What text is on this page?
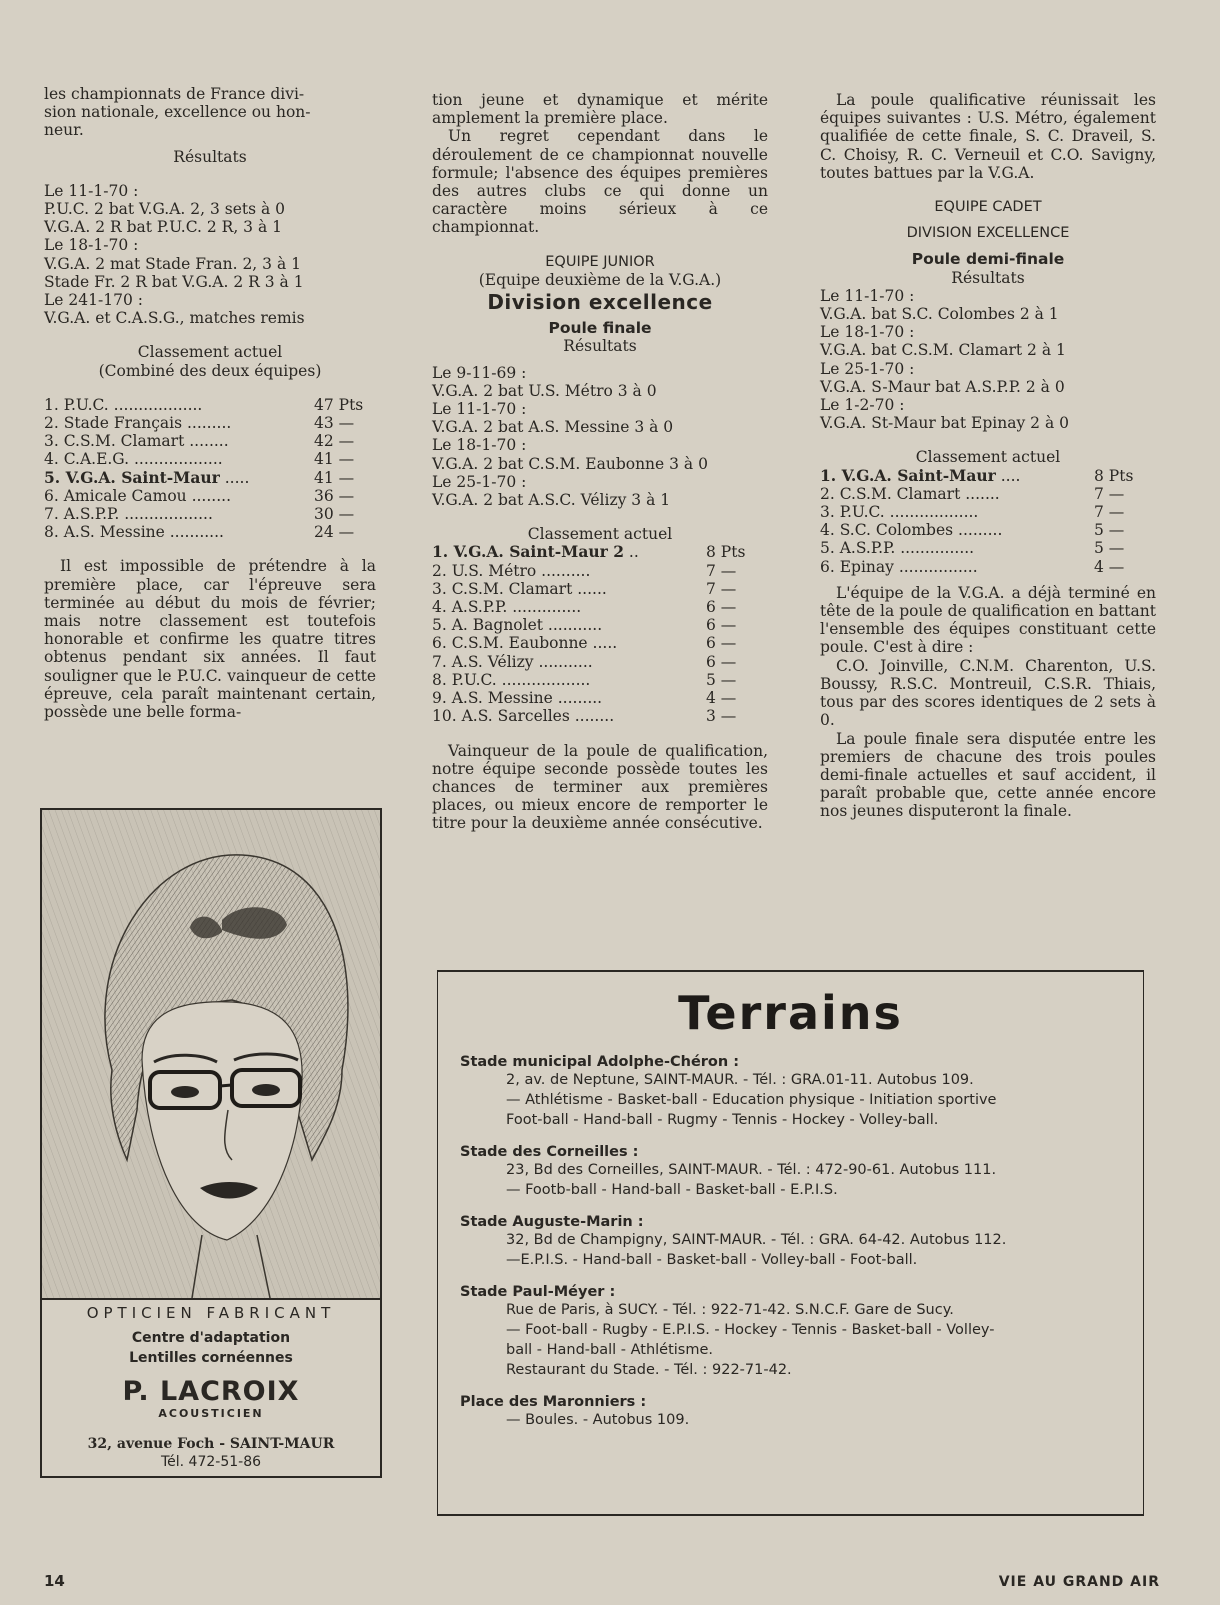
les championnats de France divi-
sion nationale, excellence ou hon-
neur.
Résultats
Le 11-1-70 :
P.U.C. 2 bat V.G.A. 2, 3 sets à 0
V.G.A. 2 R bat P.U.C. 2 R, 3 à 1
Le 18-1-70 :
V.G.A. 2 mat Stade Fran. 2, 3 à 1
Stade Fr. 2 R bat V.G.A. 2 R 3 à 1
Le 241-170 :
V.G.A. et C.A.S.G., matches remis
Classement actuel
(Combiné des deux équipes)
1. P.U.C. ..................	47 Pts
2. Stade Français .........	43 —
3. C.S.M. Clamart ........	42 —
4. C.A.E.G. ..................	41 —
5. V.G.A. Saint-Maur .....	41 —
6. Amicale Camou ........	36 —
7. A.S.P.P. ..................	30 —
8. A.S. Messine ...........	24 —
Il est impossible de prétendre à la première place, car l'épreuve sera terminée au début du mois de février; mais notre classement est toutefois honorable et confirme les quatre titres obtenus pendant six années. Il faut souligner que le P.U.C. vainqueur de cette épreuve, cela paraît maintenant certain, possède une belle forma-
tion jeune et dynamique et mérite amplement la première place.
Un regret cependant dans le déroulement de ce championnat nouvelle formule; l'absence des équipes premières des autres clubs ce qui donne un caractère moins sérieux à ce championnat.
EQUIPE JUNIOR
(Equipe deuxième de la V.G.A.)
Division excellence
Poule finale
Résultats
Le 9-11-69 :
V.G.A. 2 bat U.S. Métro 3 à 0
Le 11-1-70 :
V.G.A. 2 bat A.S. Messine 3 à 0
Le 18-1-70 :
V.G.A. 2 bat C.S.M. Eaubonne 3 à 0
Le 25-1-70 :
V.G.A. 2 bat A.S.C. Vélizy 3 à 1
Classement actuel
1. V.G.A. Saint-Maur 2 ..	8 Pts
2. U.S. Métro ..........	7 —
3. C.S.M. Clamart ......	7 —
4. A.S.P.P. ..............	6 —
5. A. Bagnolet ...........	6 —
6. C.S.M. Eaubonne .....	6 —
7. A.S. Vélizy ...........	6 —
8. P.U.C. ..................	5 —
9. A.S. Messine .........	4 —
10. A.S. Sarcelles ........	3 —
Vainqueur de la poule de qualification, notre équipe seconde possède toutes les chances de terminer aux premières places, ou mieux encore de remporter le titre pour la deuxième année consécutive.
La poule qualificative réunissait les équipes suivantes : U.S. Métro, également qualifiée de cette finale, S. C. Draveil, S. C. Choisy, R. C. Verneuil et C.O. Savigny, toutes battues par la V.G.A.
EQUIPE CADET
DIVISION EXCELLENCE
Poule demi-finale
Résultats
Le 11-1-70 :
V.G.A. bat S.C. Colombes 2 à 1
Le 18-1-70 :
V.G.A. bat C.S.M. Clamart 2 à 1
Le 25-1-70 :
V.G.A. S-Maur bat A.S.P.P. 2 à 0
Le 1-2-70 :
V.G.A. St-Maur bat Epinay 2 à 0
Classement actuel
1. V.G.A. Saint-Maur ....	8 Pts
2. C.S.M. Clamart .......	7 —
3. P.U.C. ..................	7 —
4. S.C. Colombes .........	5 —
5. A.S.P.P. ...............	5 —
6. Epinay ................	4 —
L'équipe de la V.G.A. a déjà terminé en tête de la poule de qualification en battant l'ensemble des équipes constituant cette poule. C'est à dire :
C.O. Joinville, C.N.M. Charenton, U.S. Boussy, R.S.C. Montreuil, C.S.R. Thiais, tous par des scores identiques de 2 sets à 0.
La poule finale sera disputée entre les premiers de chacune des trois poules demi-finale actuelles et sauf accident, il paraît probable que, cette année encore nos jeunes disputeront la finale.
OPTICIEN FABRICANT
Centre d'adaptation
Lentilles cornéennes
P. LACROIX
ACOUSTICIEN
32, avenue Foch - SAINT-MAUR
Tél. 472-51-86
Terrains
Stade municipal Adolphe-Chéron :
2, av. de Neptune, SAINT-MAUR. - Tél. : GRA.01-11. Autobus 109.
— Athlétisme - Basket-ball - Education physique - Initiation sportive
Foot-ball - Hand-ball - Rugmy - Tennis - Hockey - Volley-ball.
Stade des Corneilles :
23, Bd des Corneilles, SAINT-MAUR. - Tél. : 472-90-61. Autobus 111.
— Footb-ball - Hand-ball - Basket-ball - E.P.I.S.
Stade Auguste-Marin :
32, Bd de Champigny, SAINT-MAUR. - Tél. : GRA. 64-42. Autobus 112.
—E.P.I.S. - Hand-ball - Basket-ball - Volley-ball - Foot-ball.
Stade Paul-Méyer :
Rue de Paris, à SUCY. - Tél. : 922-71-42. S.N.C.F. Gare de Sucy.
— Foot-ball - Rugby - E.P.I.S. - Hockey - Tennis - Basket-ball - Volley-
ball - Hand-ball - Athlétisme.
Restaurant du Stade. - Tél. : 922-71-42.
Place des Maronniers :
— Boules. - Autobus 109.
14	VIE AU GRAND AIR
